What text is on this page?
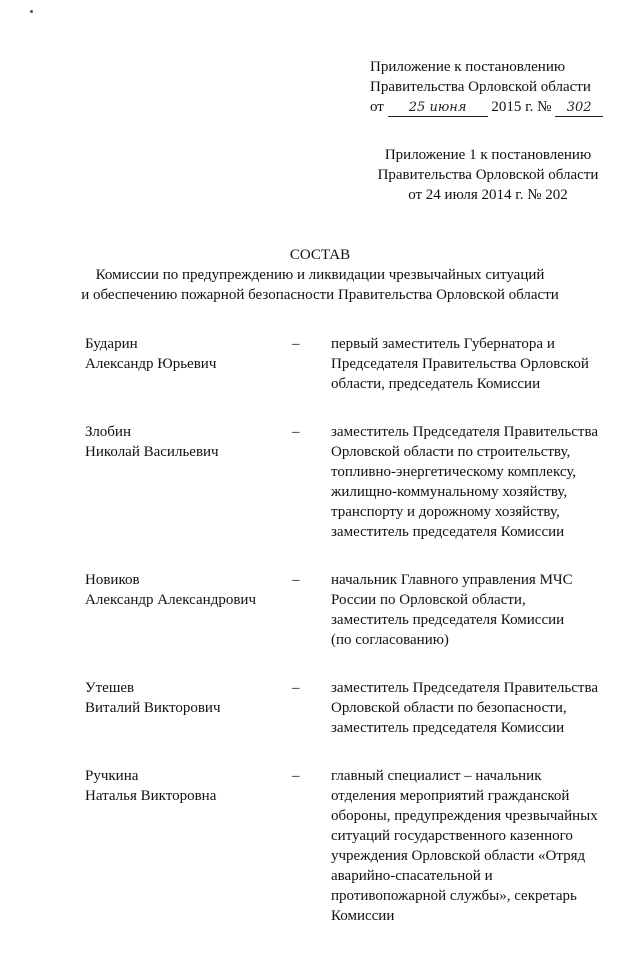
Приложение к постановлению
Правительства Орловской области
от 25 июня 2015 г. № 302
Приложение 1 к постановлению
Правительства Орловской области
от 24 июля 2014 г. № 202
СОСТАВ
Комиссии по предупреждению и ликвидации чрезвычайных ситуаций
и обеспечению пожарной безопасности Правительства Орловской области
Бударин
Александр Юрьевич
– первый заместитель Губернатора и
Председателя Правительства Орловской
области, председатель Комиссии
Злобин
Николай Васильевич
– заместитель Председателя Правительства
Орловской области по строительству,
топливно-энергетическому комплексу,
жилищно-коммунальному хозяйству,
транспорту и дорожному хозяйству,
заместитель председателя Комиссии
Новиков
Александр Александрович
– начальник Главного управления МЧС
России по Орловской области,
заместитель председателя Комиссии
(по согласованию)
Утешев
Виталий Викторович
– заместитель Председателя Правительства
Орловской области по безопасности,
заместитель председателя Комиссии
Ручкина
Наталья Викторовна
– главный специалист – начальник
отделения мероприятий гражданской
обороны, предупреждения чрезвычайных
ситуаций государственного казенного
учреждения Орловской области «Отряд
аварийно-спасательной и
противопожарной службы», секретарь
Комиссии
